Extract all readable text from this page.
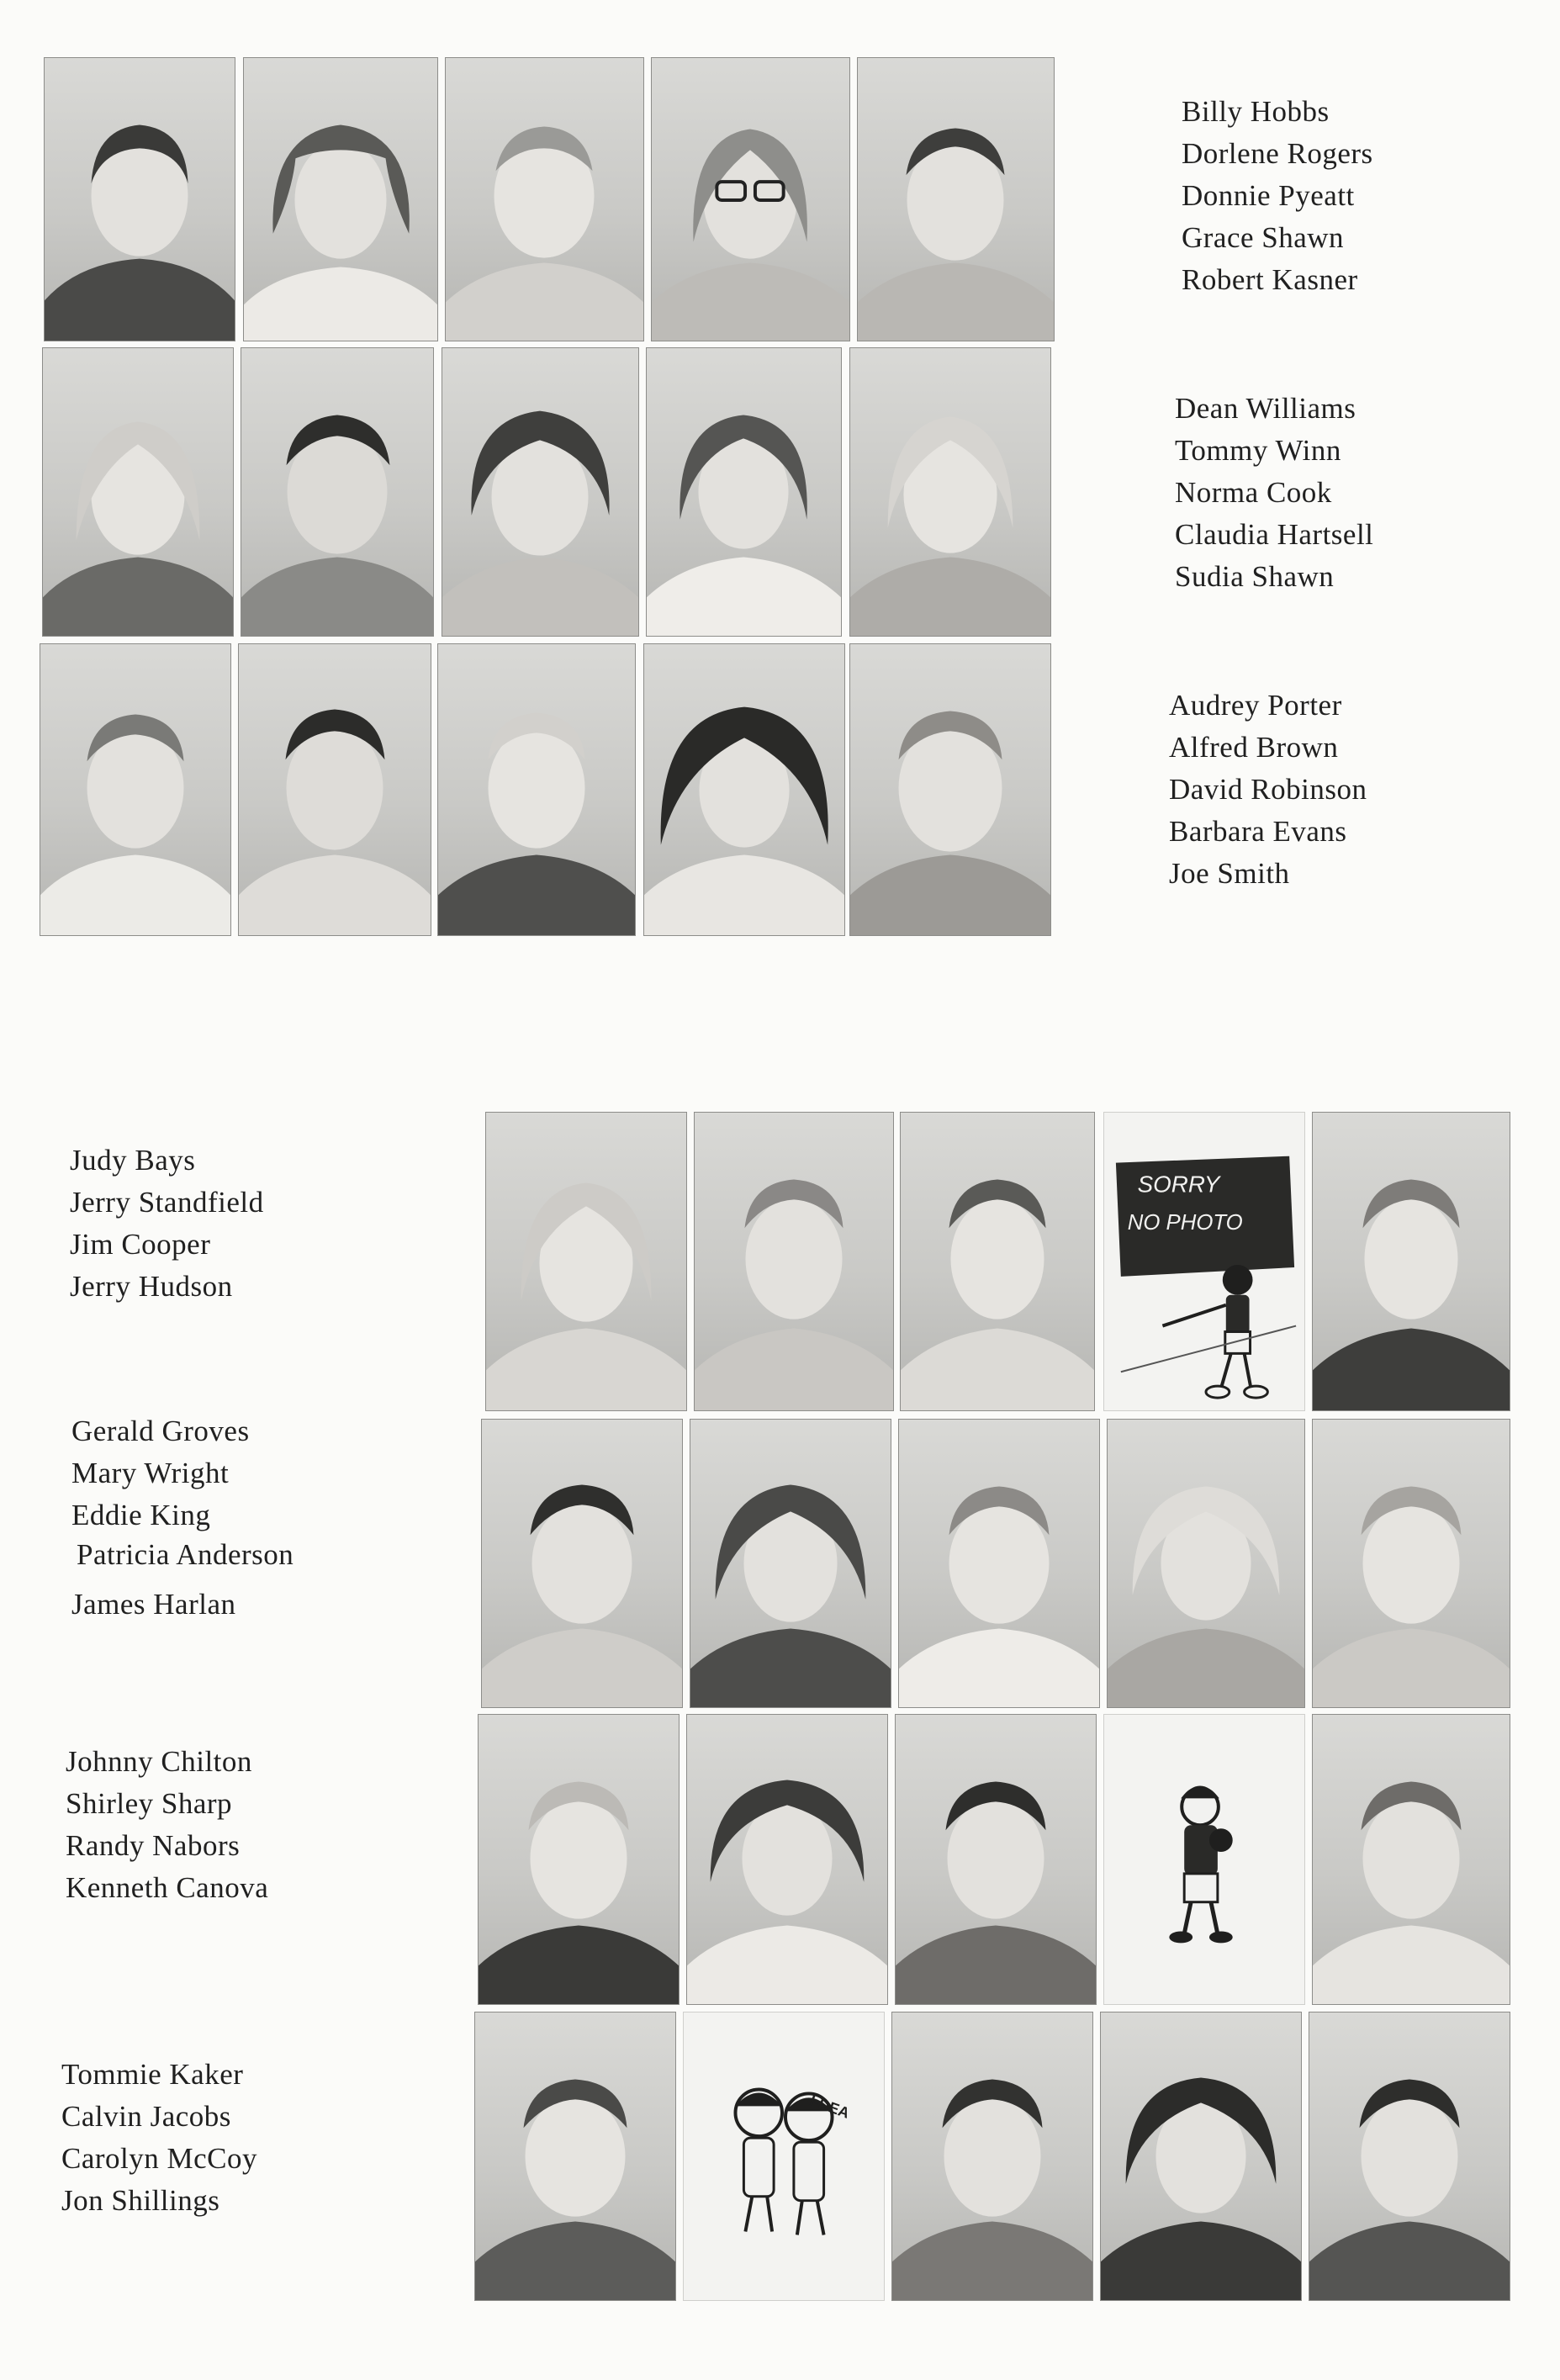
Billy Hobbs
Dorlene Rogers
Donnie Pyeatt
Grace Shawn
Robert Kasner
Dean Williams
Tommy Winn
Norma Cook
Claudia Hartsell
Sudia Shawn
Audrey Porter
Alfred Brown
David Robinson
Barbara Evans
Joe Smith
Judy Bays
Jerry Standfield
Jim Cooper
Jerry Hudson
Gerald Groves
Mary Wright
Eddie King
Patricia Anderson
James Harlan
Johnny Chilton
Shirley Sharp
Randy Nabors
Kenneth Canova
Tommie Kaker
Calvin Jacobs
Carolyn McCoy
Jon Shillings
SORRY
NO PHOTO
I-DEA
